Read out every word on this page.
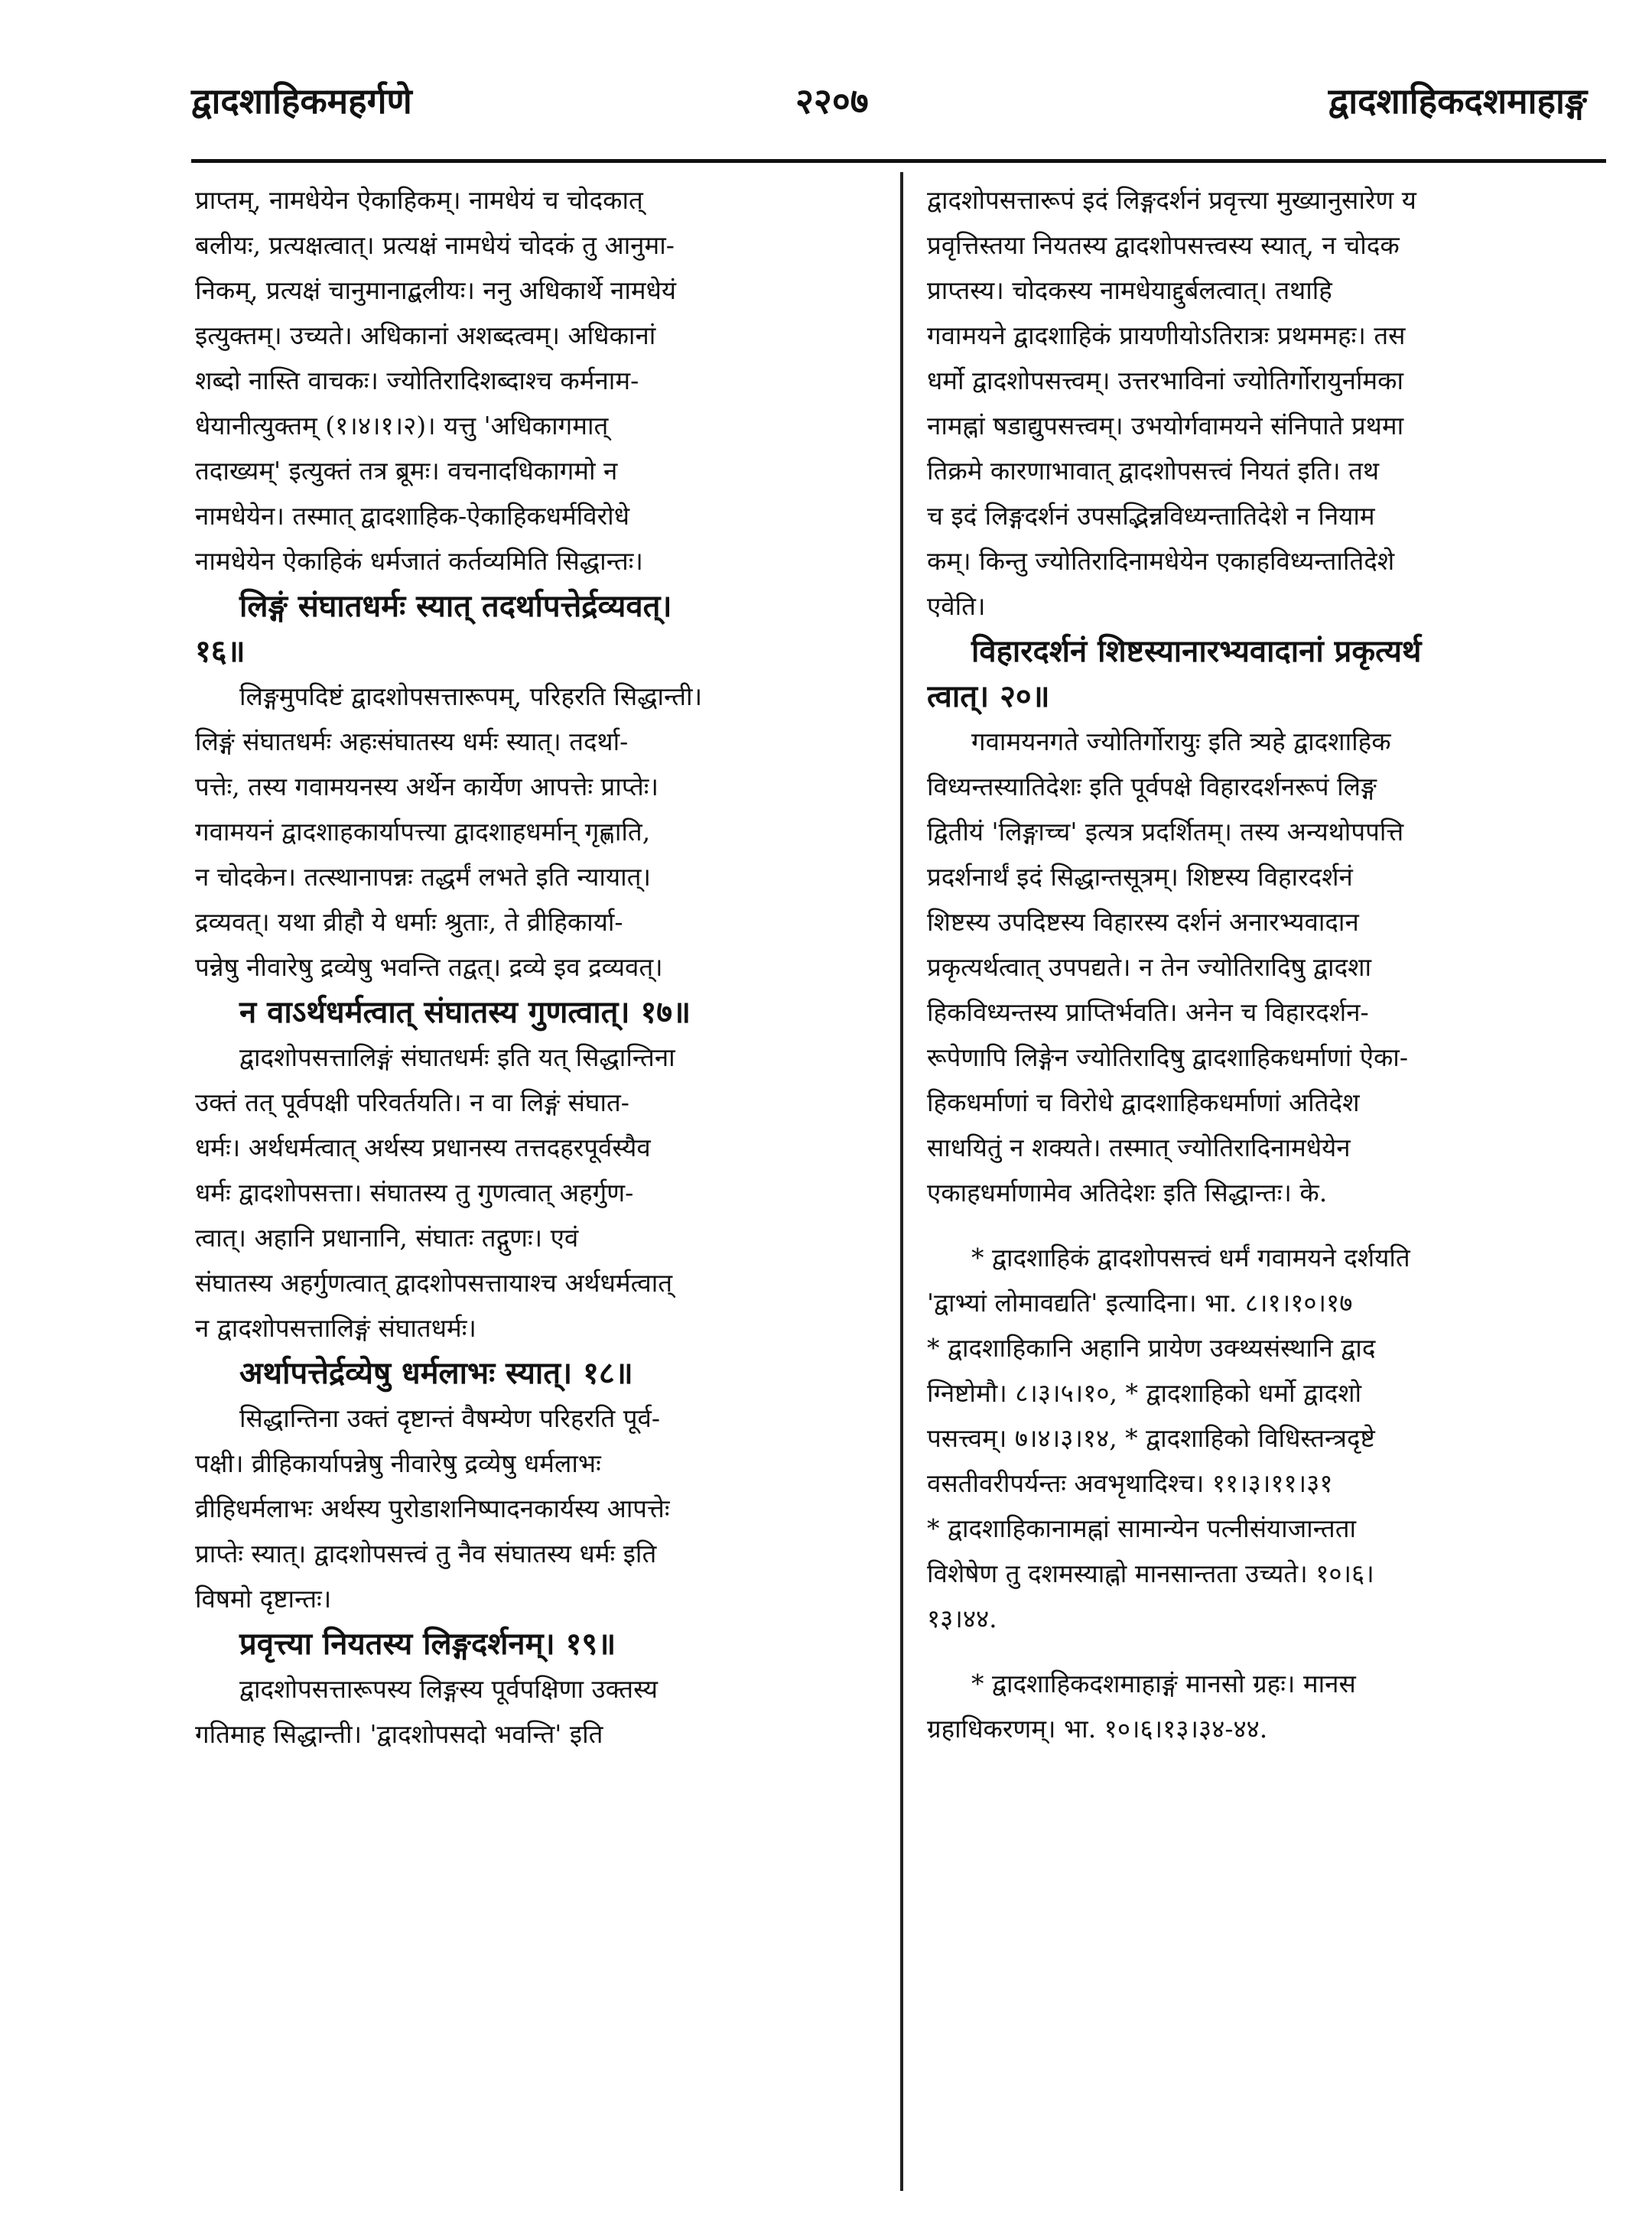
द्वादशाहिकमहर्गणे	२२०७	द्वादशाहिकदशमाहाङ्ग
प्राप्तम्, नामधेयेन ऐकाहिकम्। नामधेयं च चोदकात्
बलीयः, प्रत्यक्षत्वात्। प्रत्यक्षं नामधेयं चोदकं तु आनुमा-
निकम्, प्रत्यक्षं चानुमानाद्बलीयः। ननु अधिकार्थे नामधेयं
इत्युक्तम्। उच्यते। अधिकानां अशब्दत्वम्। अधिकानां
शब्दो नास्ति वाचकः। ज्योतिरादिशब्दाश्च कर्मनाम-
धेयानीत्युक्तम् (१।४।१।२)। यत्तु 'अधिकागमात्
तदाख्यम्' इत्युक्तं तत्र ब्रूमः। वचनादधिकागमो न
नामधेयेन। तस्मात् द्वादशाहिक-ऐकाहिकधर्मविरोधे
नामधेयेन ऐकाहिकं धर्मजातं कर्तव्यमिति सिद्धान्तः।
लिङ्गं संघातधर्मः स्यात् तदर्थापत्तेर्द्रव्यवत्।
१६॥
लिङ्गमुपदिष्टं द्वादशोपसत्तारूपम्, परिहरति सिद्धान्ती।
लिङ्गं संघातधर्मः अहःसंघातस्य धर्मः स्यात्। तदर्था-
पत्तेः, तस्य गवामयनस्य अर्थेन कार्येण आपत्तेः प्राप्तेः।
गवामयनं द्वादशाहकार्यापत्त्या द्वादशाहधर्मान् गृह्णाति,
न चोदकेन। तत्स्थानापन्नः तद्धर्मं लभते इति न्यायात्।
द्रव्यवत्। यथा व्रीहौ ये धर्माः श्रुताः, ते व्रीहिकार्या-
पन्नेषु नीवारेषु द्रव्येषु भवन्ति तद्वत्। द्रव्ये इव द्रव्यवत्।
न वाऽर्थधर्मत्वात् संघातस्य गुणत्वात्। १७॥
द्वादशोपसत्तालिङ्गं संघातधर्मः इति यत् सिद्धान्तिना
उक्तं तत् पूर्वपक्षी परिवर्तयति। न वा लिङ्गं संघात-
धर्मः। अर्थधर्मत्वात् अर्थस्य प्रधानस्य तत्तदहरपूर्वस्यैव
धर्मः द्वादशोपसत्ता। संघातस्य तु गुणत्वात् अहर्गुण-
त्वात्। अहानि प्रधानानि, संघातः तद्गुणः। एवं
संघातस्य अहर्गुणत्वात् द्वादशोपसत्तायाश्च अर्थधर्मत्वात्
न द्वादशोपसत्तालिङ्गं संघातधर्मः।
अर्थापत्तेर्द्रव्येषु धर्मलाभः स्यात्। १८॥
सिद्धान्तिना उक्तं दृष्टान्तं वैषम्येण परिहरति पूर्व-
पक्षी। व्रीहिकार्यापन्नेषु नीवारेषु द्रव्येषु धर्मलाभः
व्रीहिधर्मलाभः अर्थस्य पुरोडाशनिष्पादनकार्यस्य आपत्तेः
प्राप्तेः स्यात्। द्वादशोपसत्त्वं तु नैव संघातस्य धर्मः इति
विषमो दृष्टान्तः।
प्रवृत्त्या नियतस्य लिङ्गदर्शनम्। १९॥
द्वादशोपसत्तारूपस्य लिङ्गस्य पूर्वपक्षिणा उक्तस्य
गतिमाह सिद्धान्ती। 'द्वादशोपसदो भवन्ति' इति
द्वादशोपसत्तारूपं इदं लिङ्गदर्शनं प्रवृत्त्या मुख्यानुसारेण य
प्रवृत्तिस्तया नियतस्य द्वादशोपसत्त्वस्य स्यात्, न चोदक
प्राप्तस्य। चोदकस्य नामधेयाद्दुर्बलत्वात्। तथाहि
गवामयने द्वादशाहिकं प्रायणीयोऽतिरात्रः प्रथममहः। तस
धर्मो द्वादशोपसत्त्वम्। उत्तरभाविनां ज्योतिर्गोरायुर्नामका
नामह्नां षडाद्युपसत्त्वम्। उभयोर्गवामयने संनिपाते प्रथमा
तिक्रमे कारणाभावात् द्वादशोपसत्त्वं नियतं इति। तथ
च इदं लिङ्गदर्शनं उपसद्भिन्नविध्यन्तातिदेशे न नियाम
कम्। किन्तु ज्योतिरादिनामधेयेन एकाहविध्यन्तातिदेशे
एवेति।
विहारदर्शनं शिष्टस्यानारभ्यवादानां प्रकृत्यर्थ
त्वात्। २०॥
गवामयनगते ज्योतिर्गोरायुः इति त्र्यहे द्वादशाहिक
विध्यन्तस्यातिदेशः इति पूर्वपक्षे विहारदर्शनरूपं लिङ्ग
द्वितीयं 'लिङ्गाच्च' इत्यत्र प्रदर्शितम्। तस्य अन्यथोपपत्ति
प्रदर्शनार्थं इदं सिद्धान्तसूत्रम्। शिष्टस्य विहारदर्शनं
शिष्टस्य उपदिष्टस्य विहारस्य दर्शनं अनारभ्यवादान
प्रकृत्यर्थत्वात् उपपद्यते। न तेन ज्योतिरादिषु द्वादशा
हिकविध्यन्तस्य प्राप्तिर्भवति। अनेन च विहारदर्शन-
रूपेणापि लिङ्गेन ज्योतिरादिषु द्वादशाहिकधर्माणां ऐका-
हिकधर्माणां च विरोधे द्वादशाहिकधर्माणां अतिदेश
साधयितुं न शक्यते। तस्मात् ज्योतिरादिनामधेयेन
एकाहधर्माणामेव अतिदेशः इति सिद्धान्तः। के.
* द्वादशाहिकं द्वादशोपसत्त्वं धर्मं गवामयने दर्शयति
'द्वाभ्यां लोमावद्यति' इत्यादिना। भा. ८।१।१०।१७
* द्वादशाहिकानि अहानि प्रायेण उक्थ्यसंस्थानि द्वाद
ग्निष्टोमौ। ८।३।५।१०, * द्वादशाहिको धर्मो द्वादशो
पसत्त्वम्। ७।४।३।१४, * द्वादशाहिको विधिस्तन्त्रदृष्टे
वसतीवरीपर्यन्तः अवभृथादिश्च। ११।३।११।३१
* द्वादशाहिकानामह्नां सामान्येन पत्नीसंयाजान्तता
विशेषेण तु दशमस्याह्नो मानसान्तता उच्यते। १०।६।
१३।४४.
* द्वादशाहिकदशमाहाङ्गं मानसो ग्रहः। मानस
ग्रहाधिकरणम्। भा. १०।६।१३।३४-४४.
